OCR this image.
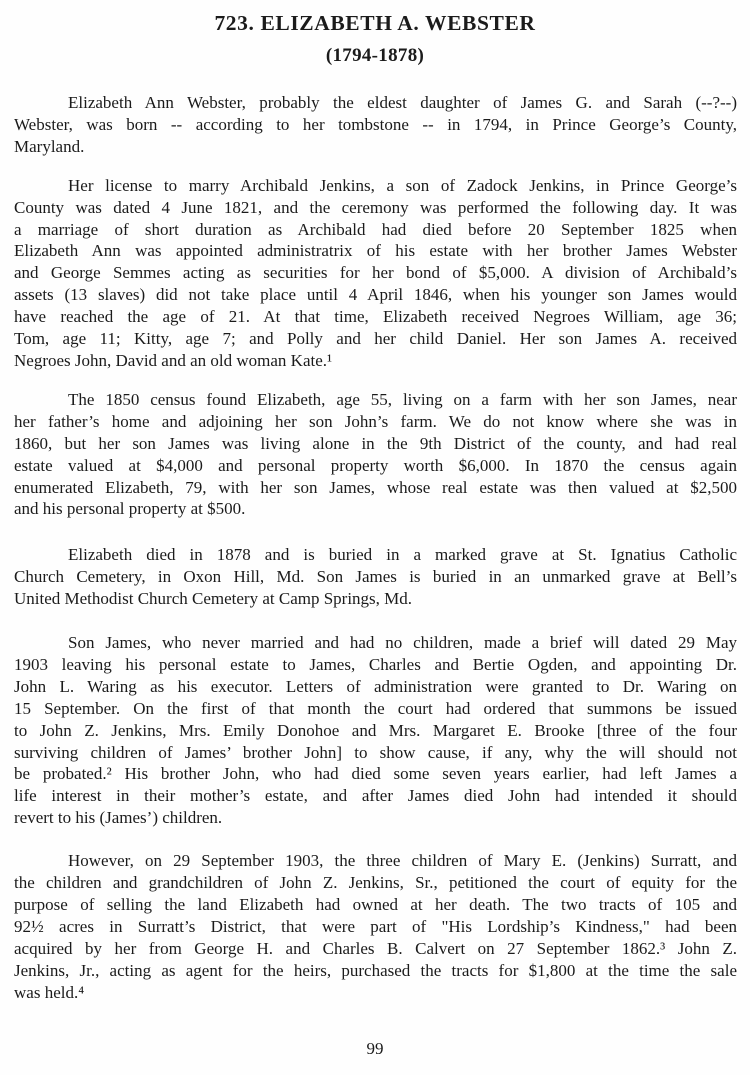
723. ELIZABETH A. WEBSTER
(1794-1878)
Elizabeth Ann Webster, probably the eldest daughter of James G. and Sarah (--?--)
Webster, was born -- according to her tombstone -- in 1794, in Prince George’s County,
Maryland.
Her license to marry Archibald Jenkins, a son of Zadock Jenkins, in Prince George’s
County was dated 4 June 1821, and the ceremony was performed the following day. It was
a marriage of short duration as Archibald had died before 20 September 1825 when
Elizabeth Ann was appointed administratrix of his estate with her brother James Webster
and George Semmes acting as securities for her bond of $5,000. A division of Archibald’s
assets (13 slaves) did not take place until 4 April 1846, when his younger son James would
have reached the age of 21. At that time, Elizabeth received Negroes William, age 36;
Tom, age 11; Kitty, age 7; and Polly and her child Daniel. Her son James A. received
Negroes John, David and an old woman Kate.¹
The 1850 census found Elizabeth, age 55, living on a farm with her son James, near
her father’s home and adjoining her son John’s farm. We do not know where she was in
1860, but her son James was living alone in the 9th District of the county, and had real
estate valued at $4,000 and personal property worth $6,000. In 1870 the census again
enumerated Elizabeth, 79, with her son James, whose real estate was then valued at $2,500
and his personal property at $500.
Elizabeth died in 1878 and is buried in a marked grave at St. Ignatius Catholic
Church Cemetery, in Oxon Hill, Md. Son James is buried in an unmarked grave at Bell’s
United Methodist Church Cemetery at Camp Springs, Md.
Son James, who never married and had no children, made a brief will dated 29 May
1903 leaving his personal estate to James, Charles and Bertie Ogden, and appointing Dr.
John L. Waring as his executor. Letters of administration were granted to Dr. Waring on
15 September. On the first of that month the court had ordered that summons be issued
to John Z. Jenkins, Mrs. Emily Donohoe and Mrs. Margaret E. Brooke [three of the four
surviving children of James’ brother John] to show cause, if any, why the will should not
be probated.² His brother John, who had died some seven years earlier, had left James a
life interest in their mother’s estate, and after James died John had intended it should
revert to his (James’) children.
However, on 29 September 1903, the three children of Mary E. (Jenkins) Surratt, and
the children and grandchildren of John Z. Jenkins, Sr., petitioned the court of equity for the
purpose of selling the land Elizabeth had owned at her death. The two tracts of 105 and
92½ acres in Surratt’s District, that were part of "His Lordship’s Kindness," had been
acquired by her from George H. and Charles B. Calvert on 27 September 1862.³ John Z.
Jenkins, Jr., acting as agent for the heirs, purchased the tracts for $1,800 at the time the sale
was held.⁴
99
